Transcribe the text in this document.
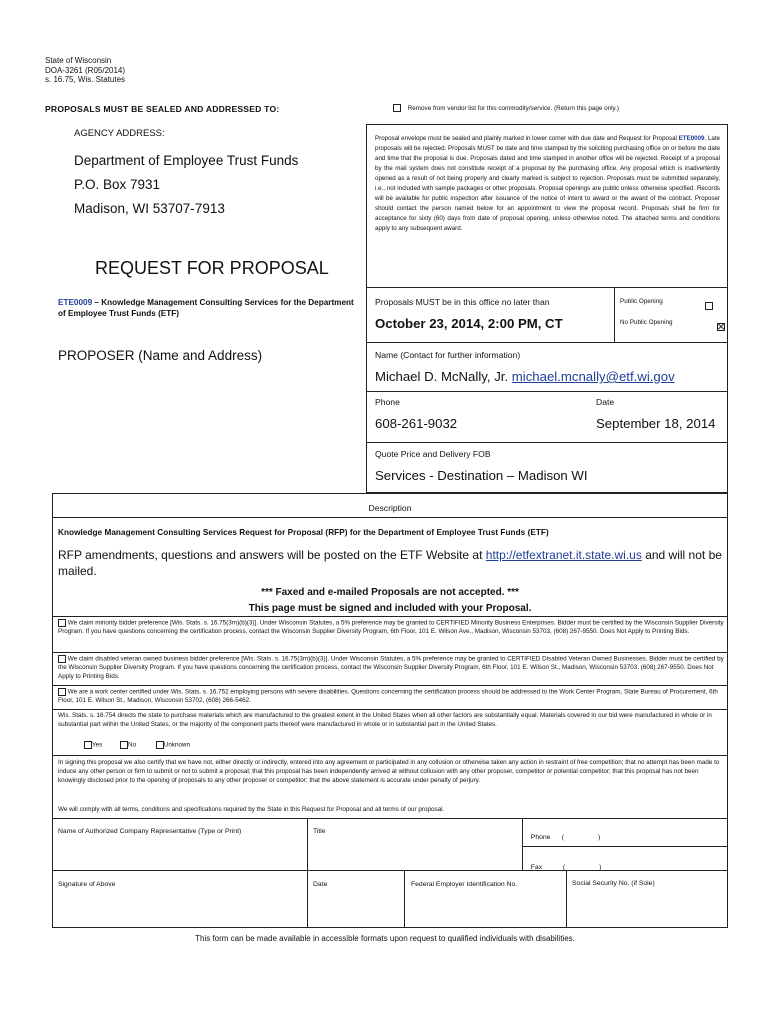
State of Wisconsin
DOA-3261 (R05/2014)
s. 16.75, Wis. Statutes
PROPOSALS MUST BE SEALED AND ADDRESSED TO:	Remove from vendor list for this commodity/service. (Return this page only.)
AGENCY ADDRESS:
Department of Employee Trust Funds
P.O. Box 7931
Madison, WI 53707-7913
REQUEST FOR PROPOSAL
ETE0009 – Knowledge Management Consulting Services for the Department of Employee Trust Funds (ETF)
PROPOSER (Name and Address)
Proposal envelope must be sealed and plainly marked in lower corner with due date and Request for Proposal ETE0009. Late proposals will be rejected. Proposals MUST be date and time stamped by the soliciting purchasing office on or before the date and time that the proposal is due. Proposals dated and time stamped in another office will be rejected. Receipt of a proposal by the mail system does not constitute receipt of a proposal by the purchasing office. Any proposal which is inadvertently opened as a result of not being properly and clearly marked is subject to rejection. Proposals must be submitted separately, i.e., not included with sample packages or other proposals. Proposal openings are public unless otherwise specified. Records will be available for public inspection after issuance of the notice of intent to award or the award of the contract. Proposer should contact the person named below for an appointment to view the proposal record. Proposals shall be firm for acceptance for sixty (60) days from date of proposal opening, unless otherwise noted. The attached terms and conditions apply to any subsequent award.
Proposals MUST be in this office no later than
October 23, 2014, 2:00 PM, CT
Public Opening

No Public Opening
Name (Contact for further information)
Michael D. McNally, Jr. michael.mcnally@etf.wi.gov
Phone
608-261-9032
Date
September 18, 2014
Quote Price and Delivery FOB
Services - Destination – Madison WI
Description
Knowledge Management Consulting Services Request for Proposal (RFP) for the Department of Employee Trust Funds (ETF)
RFP amendments, questions and answers will be posted on the ETF Website at http://etfextranet.it.state.wi.us and will not be mailed.
*** Faxed and e-mailed Proposals are not accepted. ***
This page must be signed and included with your Proposal.
We claim minority bidder preference [Wis. Stats. s. 16.75(3m)(b)(3)]. Under Wisconsin Statutes, a 5% preference may be granted to CERTIFIED Minority Business Enterprises. Bidder must be certified by the Wisconsin Supplier Diversity Program. If you have questions concerning the certification process, contact the Wisconsin Supplier Diversity Program, 6th Floor, 101 E. Wilson Ave., Madison, Wisconsin 53703, (608) 267-9550. Does Not Apply to Printing Bids.
We claim disabled veteran owned business bidder preference [Wis. Stats. s. 16.75(3m)(b)(3)]. Under Wisconsin Statutes, a 5% preference may be granted to CERTIFIED Disabled Veteran Owned Businesses. Bidder must be certified by the Wisconsin Supplier Diversity Program. If you have questions concerning the certification process, contact the Wisconsin Supplier Diversity Program, 6th Floor, 101 E. Wilson St., Madison, Wisconsin 53703, (608) 267-9550. Does Not Apply to Printing Bids.
We are a work center certified under Wis. Stats. s. 16.752 employing persons with severe disabilities. Questions concerning the certification process should be addressed to the Work Center Program, State Bureau of Procurement, 6th Floor, 101 E. Wilson St., Madison, Wisconsin 53702, (608) 266-5462.
Wis. Stats. s. 16.754 directs the state to purchase materials which are manufactured to the greatest extent in the United States when all other factors are substantially equal. Materials covered in our bid were manufactured in whole or in substantial part within the United States, or the majority of the component parts thereof were manufactured in whole or in substantial part in the United States.
Yes	No	Unknown
In signing this proposal we also certify that we have not, either directly or indirectly, entered into any agreement or participated in any collusion or otherwise taken any action in restraint of free competition; that no attempt has been made to induce any other person or firm to submit or not to submit a proposal; that this proposal has been independently arrived at without collusion with any other proposer, competitor or potential competitor; that this proposal has not been knowingly disclosed prior to the opening of proposals to any other proposer or competitor; that the above statement is accurate under penalty of perjury.
We will comply with all terms, conditions and specifications required by the State in this Request for Proposal and all terms of our proposal.
Name of Authorized Company Representative (Type or Print)	Title

Phone (                  )

Fax	(                  )

Signature of Above	Date	Federal Employer Identification No.	Social Security No. (if Sole)
This form can be made available in accessible formats upon request to qualified individuals with disabilities.
